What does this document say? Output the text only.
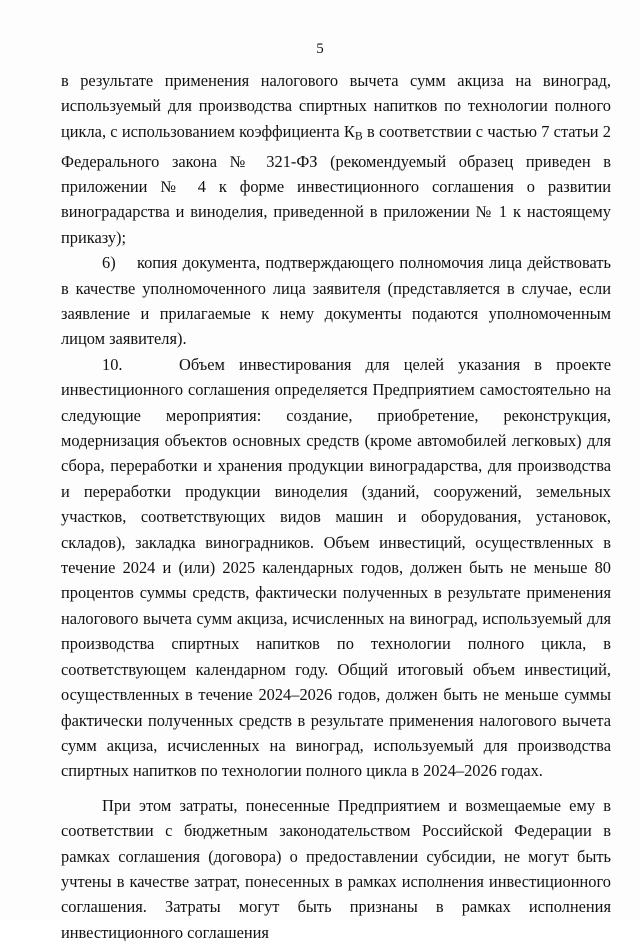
5

в результате применения налогового вычета сумм акциза на виноград, используемый для производства спиртных напитков по технологии полного цикла, с использованием коэффициента КВ в соответствии с частью 7 статьи 2 Федерального закона № 321-ФЗ (рекомендуемый образец приведен в приложении № 4 к форме инвестиционного соглашения о развитии виноградарства и виноделия, приведенной в приложении № 1 к настоящему приказу);

6)    копия документа, подтверждающего полномочия лица действовать в качестве уполномоченного лица заявителя (представляется в случае, если заявление и прилагаемые к нему документы подаются уполномоченным лицом заявителя).

10.    Объем инвестирования для целей указания в проекте инвестиционного соглашения определяется Предприятием самостоятельно на следующие мероприятия: создание, приобретение, реконструкция, модернизация объектов основных средств (кроме автомобилей легковых) для сбора, переработки и хранения продукции виноградарства, для производства и переработки продукции виноделия (зданий, сооружений, земельных участков, соответствующих видов машин и оборудования, установок, складов), закладка виноградников. Объем инвестиций, осуществленных в течение 2024 и (или) 2025 календарных годов, должен быть не меньше 80 процентов суммы средств, фактически полученных в результате применения налогового вычета сумм акциза, исчисленных на виноград, используемый для производства спиртных напитков по технологии полного цикла, в соответствующем календарном году. Общий итоговый объем инвестиций, осуществленных в течение 2024–2026 годов, должен быть не меньше суммы фактически полученных средств в результате применения налогового вычета сумм акциза, исчисленных на виноград, используемый для производства спиртных напитков по технологии полного цикла в 2024–2026 годах.

При этом затраты, понесенные Предприятием и возмещаемые ему в соответствии с бюджетным законодательством Российской Федерации в рамках соглашения (договора) о предоставлении субсидии, не могут быть учтены в качестве затрат, понесенных в рамках исполнения инвестиционного соглашения. Затраты могут быть признаны в рамках исполнения инвестиционного соглашения
